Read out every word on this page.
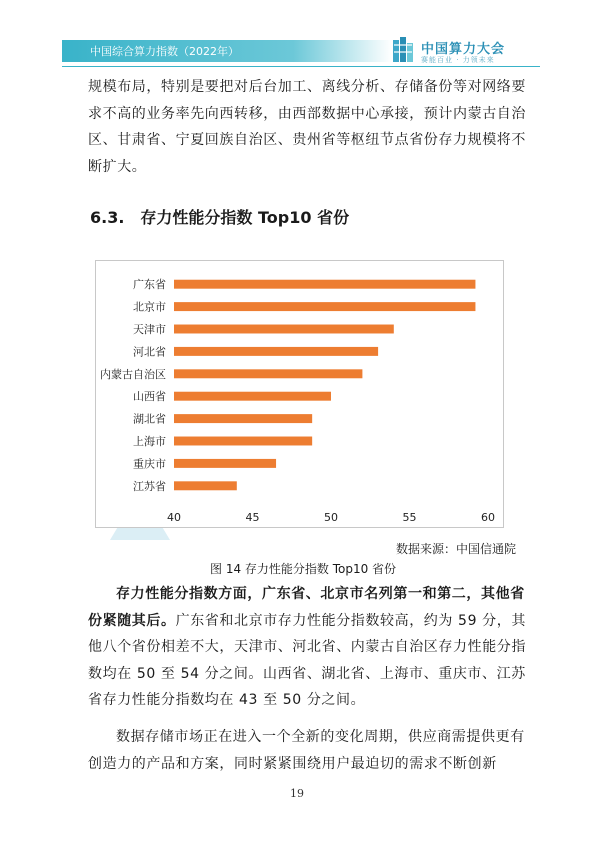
中国综合算力指数（2022年）	中国算力大会
赛能百业 · 力领未来
规模布局，特别是要把对后台加工、离线分析、存储备份等对网络要求不高的业务率先向西转移，由西部数据中心承接，预计内蒙古自治区、甘肃省、宁夏回族自治区、贵州省等枢纽节点省份存力规模将不断扩大。
6.3. 存力性能分指数 Top10 省份
广东省
北京市
天津市
河北省
内蒙古自治区
山西省
湖北省
上海市
重庆市
江苏省
40	45	50	55	60
数据来源：中国信通院
图 14 存力性能分指数 Top10 省份
存力性能分指数方面，广东省、北京市名列第一和第二，其他省份紧随其后。广东省和北京市存力性能分指数较高，约为 59 分，其他八个省份相差不大，天津市、河北省、内蒙古自治区存力性能分指数均在 50 至 54 分之间。山西省、湖北省、上海市、重庆市、江苏省存力性能分指数均在 43 至 50 分之间。
数据存储市场正在进入一个全新的变化周期，供应商需提供更有创造力的产品和方案，同时紧紧围绕用户最迫切的需求不断创新
19
